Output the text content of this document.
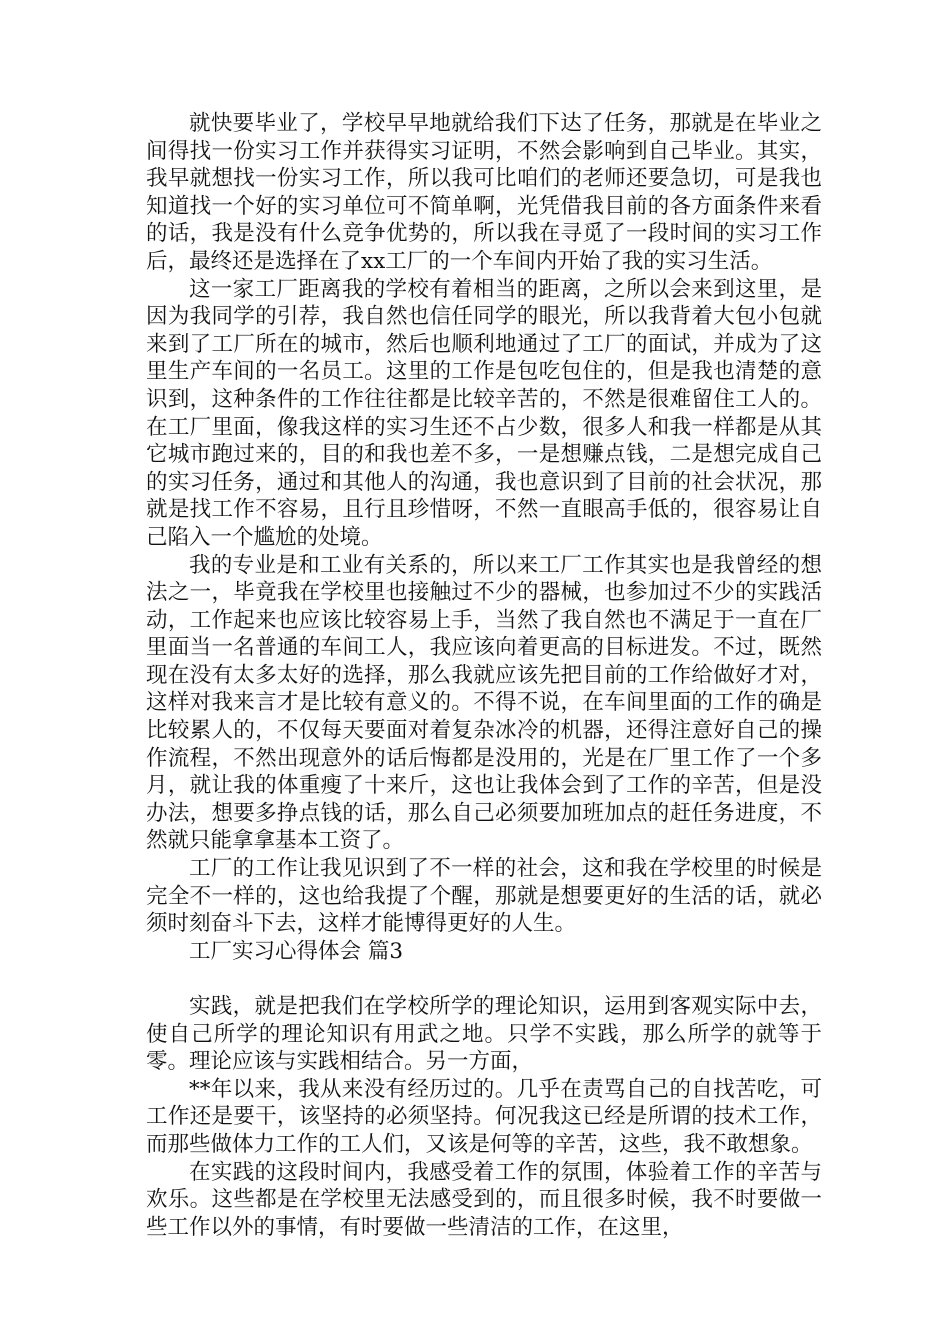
就快要毕业了，学校早早地就给我们下达了任务，那就是在毕业之间得找一份实习工作并获得实习证明，不然会影响到自己毕业。其实，我早就想找一份实习工作，所以我可比咱们的老师还要急切，可是我也知道找一个好的实习单位可不简单啊，光凭借我目前的各方面条件来看的话，我是没有什么竞争优势的，所以我在寻觅了一段时间的实习工作后，最终还是选择在了xx工厂的一个车间内开始了我的实习生活。

这一家工厂距离我的学校有着相当的距离，之所以会来到这里，是因为我同学的引荐，我自然也信任同学的眼光，所以我背着大包小包就来到了工厂所在的城市，然后也顺利地通过了工厂的面试，并成为了这里生产车间的一名员工。这里的工作是包吃包住的，但是我也清楚的意识到，这种条件的工作往往都是比较辛苦的，不然是很难留住工人的。在工厂里面，像我这样的实习生还不占少数，很多人和我一样都是从其它城市跑过来的，目的和我也差不多，一是想赚点钱，二是想完成自己的实习任务，通过和其他人的沟通，我也意识到了目前的社会状况，那就是找工作不容易，且行且珍惜呀，不然一直眼高手低的，很容易让自己陷入一个尴尬的处境。

我的专业是和工业有关系的，所以来工厂工作其实也是我曾经的想法之一，毕竟我在学校里也接触过不少的器械，也参加过不少的实践活动，工作起来也应该比较容易上手，当然了我自然也不满足于一直在厂里面当一名普通的车间工人，我应该向着更高的目标进发。不过，既然现在没有太多太好的选择，那么我就应该先把目前的工作给做好才对，这样对我来言才是比较有意义的。不得不说，在车间里面的工作的确是比较累人的，不仅每天要面对着复杂冰冷的机器，还得注意好自己的操作流程，不然出现意外的话后悔都是没用的，光是在厂里工作了一个多月，就让我的体重瘦了十来斤，这也让我体会到了工作的辛苦，但是没办法，想要多挣点钱的话，那么自己必须要加班加点的赶任务进度，不然就只能拿拿基本工资了。

工厂的工作让我见识到了不一样的社会，这和我在学校里的时候是完全不一样的，这也给我提了个醒，那就是想要更好的生活的话，就必须时刻奋斗下去，这样才能博得更好的人生。

工厂实习心得体会 篇3

实践，就是把我们在学校所学的理论知识，运用到客观实际中去，使自己所学的理论知识有用武之地。只学不实践，那么所学的就等于零。理论应该与实践相结合。另一方面，

**年以来，我从来没有经历过的。几乎在责骂自己的自找苦吃，可工作还是要干，该坚持的必须坚持。何况我这已经是所谓的技术工作，而那些做体力工作的工人们，又该是何等的辛苦，这些，我不敢想象。

在实践的这段时间内，我感受着工作的氛围，体验着工作的辛苦与欢乐。这些都是在学校里无法感受到的，而且很多时候，我不时要做一些工作以外的事情，有时要做一些清洁的工作，在这里，
